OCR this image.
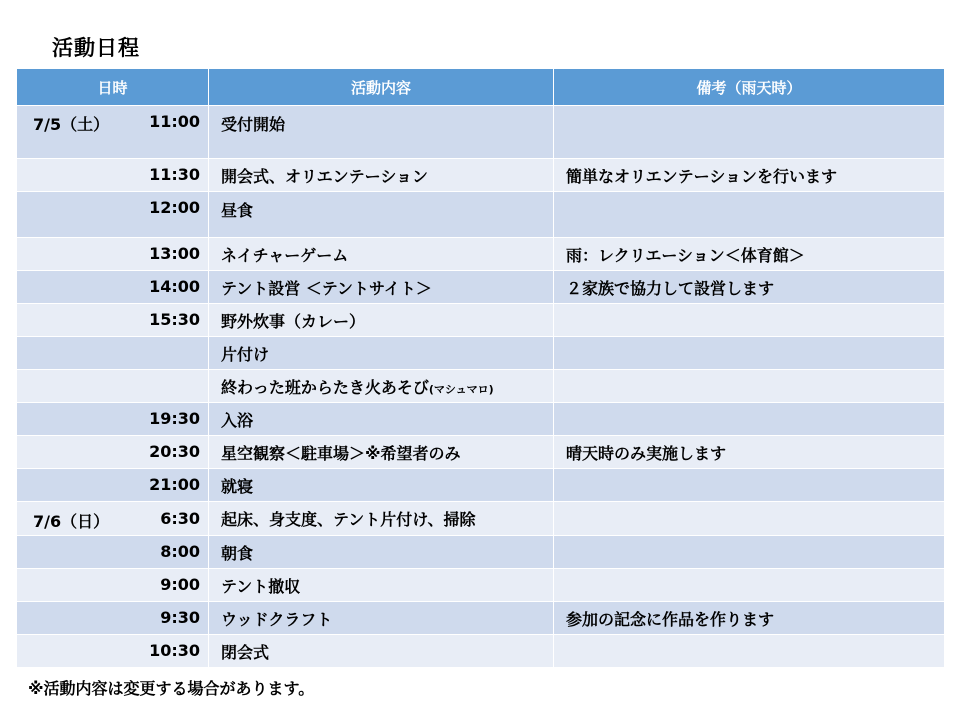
活動日程
日時	活動内容	備考（雨天時）

7/5（土） 11:00	受付開始	

11:30	開会式、オリエンテーション	簡単なオリエンテーションを行います

12:00	昼食	

13:00	ネイチャーゲーム	雨：レクリエーション＜体育館＞

14:00	テント設営 ＜テントサイト＞	２家族で協力して設営します

15:30	野外炊事（カレー）	

	片付け	

	終わった班からたき火あそび(マシュマロ)	

19:30	入浴	

20:30	星空観察＜駐車場＞※希望者のみ	晴天時のみ実施します

21:00	就寝	

7/6（日） 6:30	起床、身支度、テント片付け、掃除	

8:00	朝食	

9:00	テント撤収	

9:30	ウッドクラフト	参加の記念に作品を作ります

10:30	閉会式	
※活動内容は変更する場合があります。
